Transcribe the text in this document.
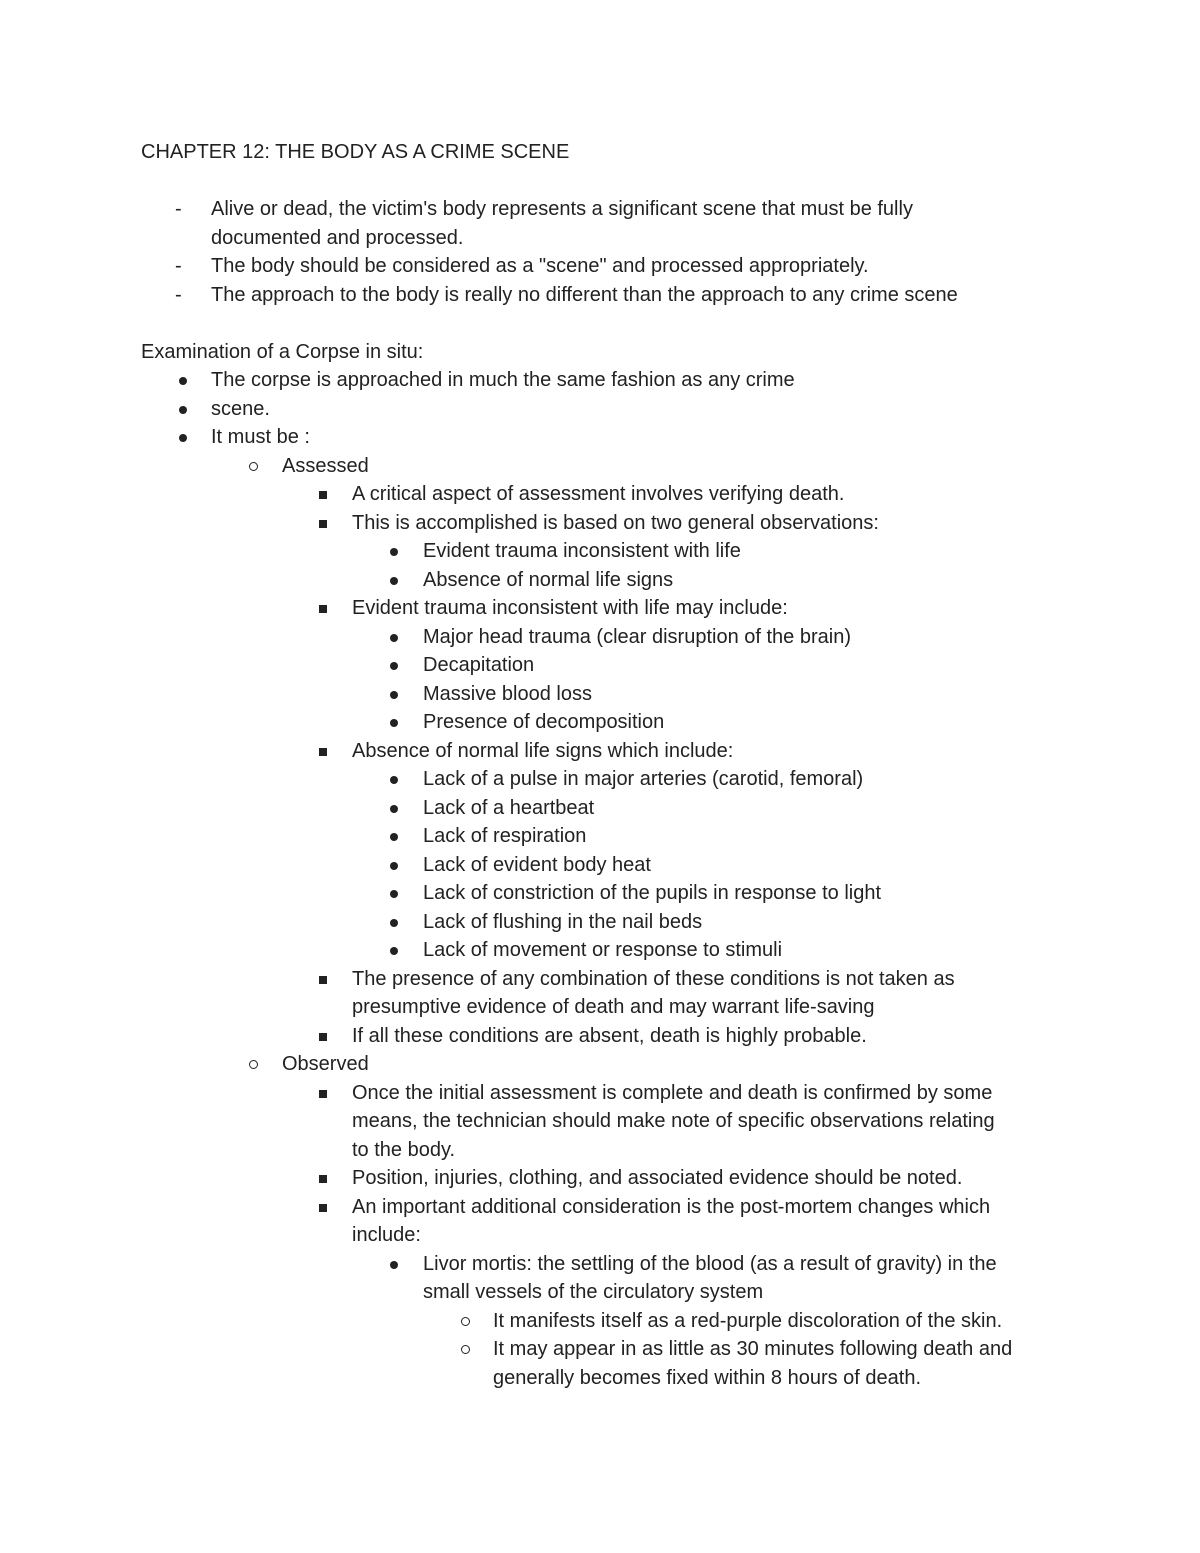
CHAPTER 12: THE BODY AS A CRIME SCENE
- Alive or dead, the victim's body represents a significant scene that must be fully
documented and processed.
- The body should be considered as a "scene" and processed appropriately.
- The approach to the body is really no different than the approach to any crime scene
Examination of a Corpse in situ:
The corpse is approached in much the same fashion as any crime
scene.
It must be :
Assessed
A critical aspect of assessment involves verifying death.
This is accomplished is based on two general observations:
Evident trauma inconsistent with life
Absence of normal life signs
Evident trauma inconsistent with life may include:
Major head trauma (clear disruption of the brain)
Decapitation
Massive blood loss
Presence of decomposition
Absence of normal life signs which include:
Lack of a pulse in major arteries (carotid, femoral)
Lack of a heartbeat
Lack of respiration
Lack of evident body heat
Lack of constriction of the pupils in response to light
Lack of flushing in the nail beds
Lack of movement or response to stimuli
The presence of any combination of these conditions is not taken as
presumptive evidence of death and may warrant life-saving
If all these conditions are absent, death is highly probable.
Observed
Once the initial assessment is complete and death is confirmed by some
means, the technician should make note of specific observations relating
to the body.
Position, injuries, clothing, and associated evidence should be noted.
An important additional consideration is the post-mortem changes which
include:
Livor mortis: the settling of the blood (as a result of gravity) in the
small vessels of the circulatory system
It manifests itself as a red-purple discoloration of the skin.
It may appear in as little as 30 minutes following death and
generally becomes fixed within 8 hours of death.
